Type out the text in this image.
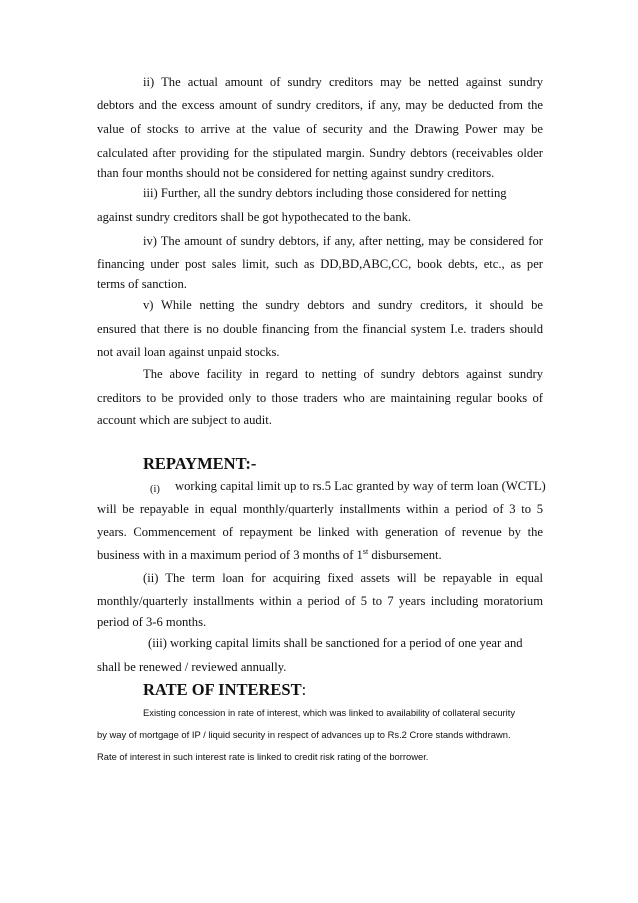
ii) The actual amount of sundry creditors may be netted against sundry
debtors and the excess amount of sundry creditors, if any, may be deducted from the
value of stocks to arrive at the value of security and the Drawing Power may be
calculated after providing for the stipulated margin. Sundry debtors (receivables older
than four months should not be considered for netting against sundry creditors.
iii) Further, all the sundry debtors including those considered for netting
against sundry creditors shall be got hypothecated to the bank.
iv) The amount of sundry debtors, if any, after netting, may be considered for
financing under post sales limit, such as DD,BD,ABC,CC, book debts, etc., as per
terms of sanction.
v) While netting the sundry debtors and sundry creditors, it should be
ensured that there is no double financing from the financial system I.e. traders should
not avail loan against unpaid stocks.
The above facility in regard to netting of sundry debtors against sundry
creditors to be provided only to those traders who are maintaining regular books of
account which are subject to audit.
REPAYMENT:-
(i)	working capital limit up to rs.5 Lac granted by way of term loan (WCTL)
will be repayable in equal monthly/quarterly installments within a period of 3 to 5
years. Commencement of repayment be linked with generation of revenue by the
business with in a maximum period of 3 months of 1st disbursement.
(ii) The term loan for acquiring fixed assets will be repayable in equal
monthly/quarterly installments within a period of 5 to 7 years including moratorium
period of 3-6 months.
(iii) working capital limits shall be sanctioned for a period of one year and
shall be renewed / reviewed annually.
RATE OF INTEREST:
Existing concession in rate of interest, which was linked to availability of collateral security
by way of mortgage of IP / liquid security in respect of advances up to Rs.2 Crore stands withdrawn.
Rate of interest in such interest rate is linked to credit risk rating of the borrower.
